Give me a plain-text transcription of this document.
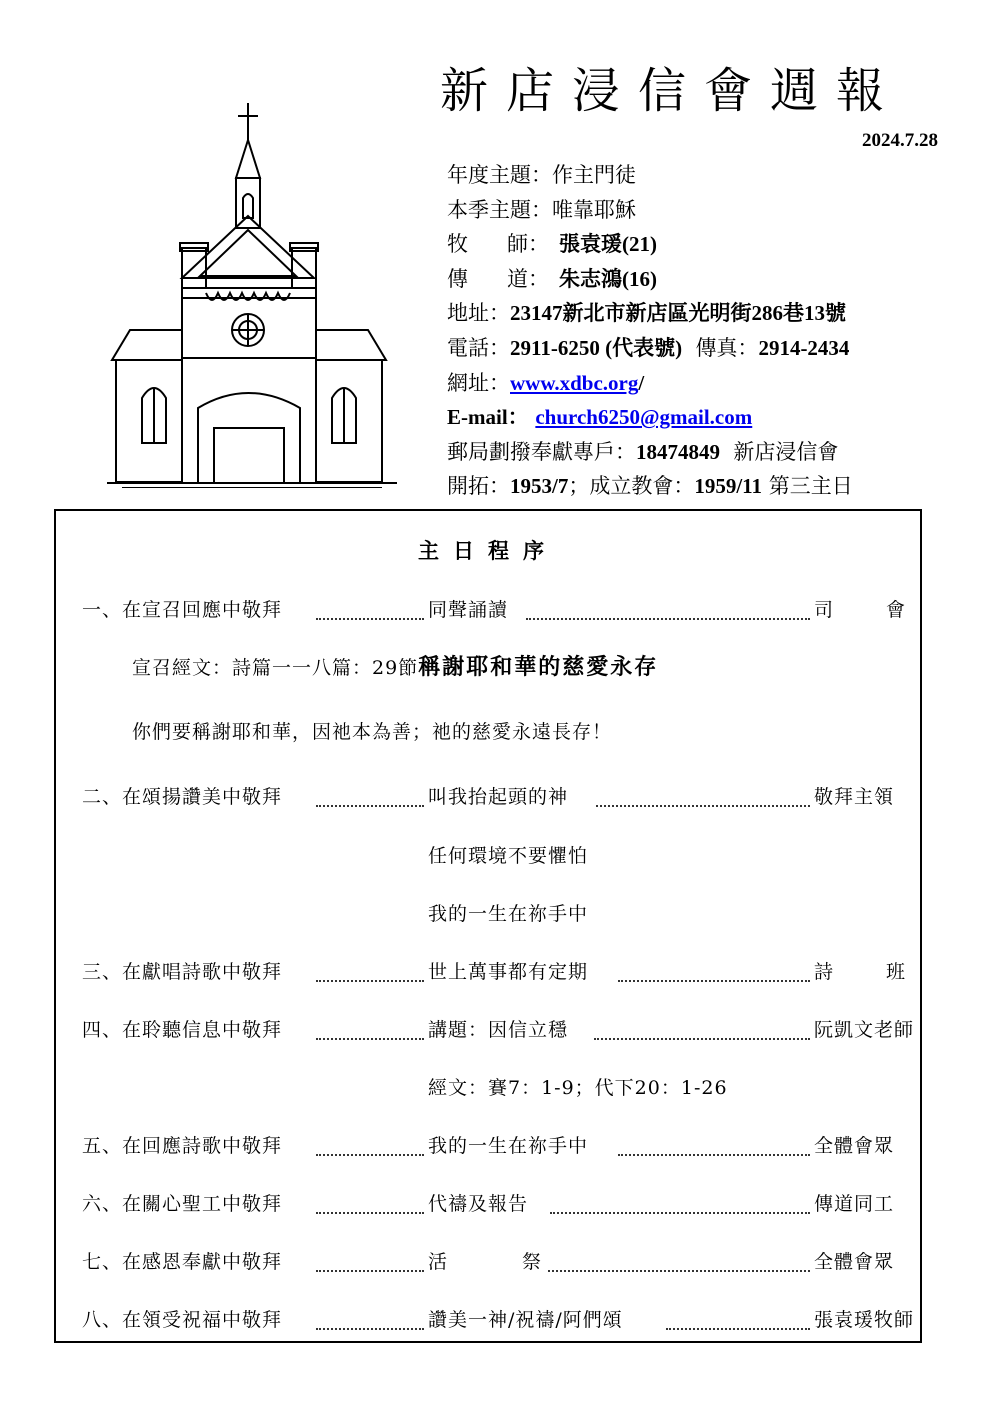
新店浸信會週報
2024.7.28
年度主題：作主門徒
本季主題：唯靠耶穌
牧 師： 張袁瑗(21)
傳 道： 朱志鴻(16)
地址：23147新北市新店區光明街286巷13號
電話：2911-6250 (代表號) 傳真：2914-2434
網址：www.xdbc.org/
E-mail： church6250@gmail.com
郵局劃撥奉獻專戶：18474849 新店浸信會
開拓：1953/7；成立教會：1959/11 第三主日
主日程序
一、在宣召回應中敬拜	同聲誦讀	司	會
宣召經文：詩篇一一八篇：29節稱謝耶和華的慈愛永存
你們要稱謝耶和華，因祂本為善；祂的慈愛永遠長存！
二、在頌揚讚美中敬拜	叫我抬起頭的神	敬拜主領
任何環境不要懼怕
我的一生在祢手中
三、在獻唱詩歌中敬拜	世上萬事都有定期	詩	班
四、在聆聽信息中敬拜	講題：因信立穩	阮凱文老師
經文：賽7：1-9；代下20：1-26
五、在回應詩歌中敬拜	我的一生在祢手中	全體會眾
六、在關心聖工中敬拜	代禱及報告	傳道同工
七、在感恩奉獻中敬拜	活	祭	全體會眾
八、在領受祝福中敬拜	讚美一神/祝禱/阿們頌	張袁瑗牧師
